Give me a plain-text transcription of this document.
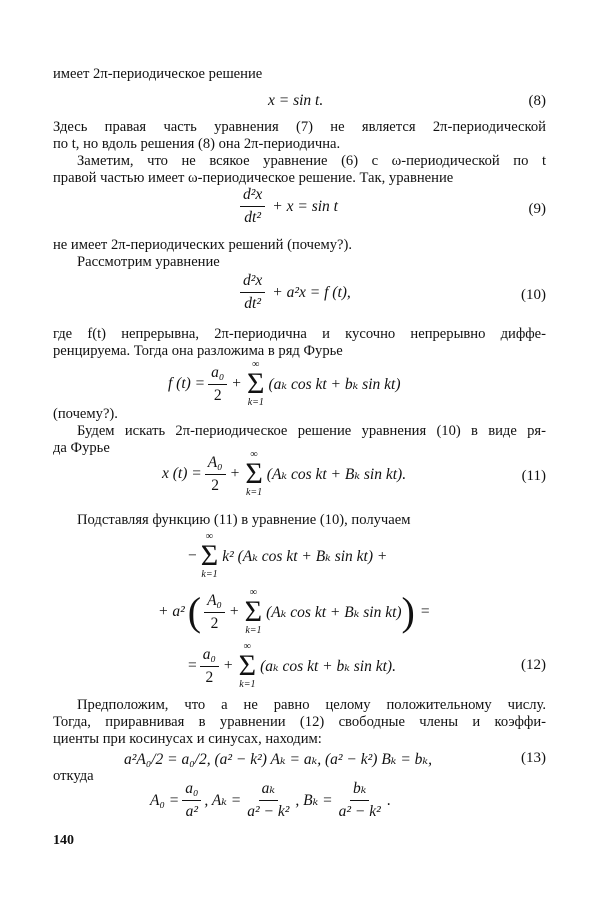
имеет 2π-периодическое решение
x = sin t.	(8)
Здесь правая часть уравнения (7) не является 2π-периодической
по t, но вдоль решения (8) она 2π-периодична.
Заметим, что не всякое уравнение (6) с ω-периодической по t
правой частью имеет ω-периодическое решение. Так, уравнение
$\frac{\text{d²x}}{\text{dt²}} + x = \sin t$	(9)
не имеет 2π-периодических решений (почему?).
Рассмотрим уравнение
$\frac{\text{d²x}}{\text{dt²}} + a^2x = f$ (t),	(10)
где f(t) непрерывна, 2π-периодична и кусочно непрерывно диффе-
ренцируема. Тогда она разложима в ряд Фурье
f $(t) = \frac{\text{a₀}}{2}$ +
∞
Σ
k=1
(aₖ cos kt + bₖ sin kt)
(почему?).
Будем искать 2π-периодическое решение уравнения (10) в виде ря-
да Фурье
x $(t) = \frac{\text{A₀}}{2}$ +
∞
Σ
k=1
(Aₖ cos kt + Bₖ sin kt).	(11)
Подставляя функцию (11) в уравнение (10), получаем
−
∞
Σ
k=1
k² (Aₖ cos kt + Bₖ sin kt) +
+ a² ( $\frac{\text{A₀}}{2}$ +
∞
Σ
k=1
(Aₖ cos kt + Bₖ sin kt) ) =
= $\frac{\text{a₀}}{2}$ +
∞
Σ
k=1
(aₖ cos kt + bₖ sin kt).	(12)
Предположим, что a не равно целому положительному числу.
Тогда, приравнивая в уравнении (12) свободные члены и коэффи-
циенты при косинусах и синусах, находим:
a²A₀/2 = a₀/2, (a² − k²) Aₖ = aₖ, (a² − k²) Bₖ = bₖ,	(13)
откуда
$A_0 = \frac{\text{a₀}}{\text{a²}}$ , $A_k = \frac{\text{aₖ}}{\text{a² − k²}}$ , $B_k = \frac{\text{bₖ}}{\text{a² − k²}}$ .
140
